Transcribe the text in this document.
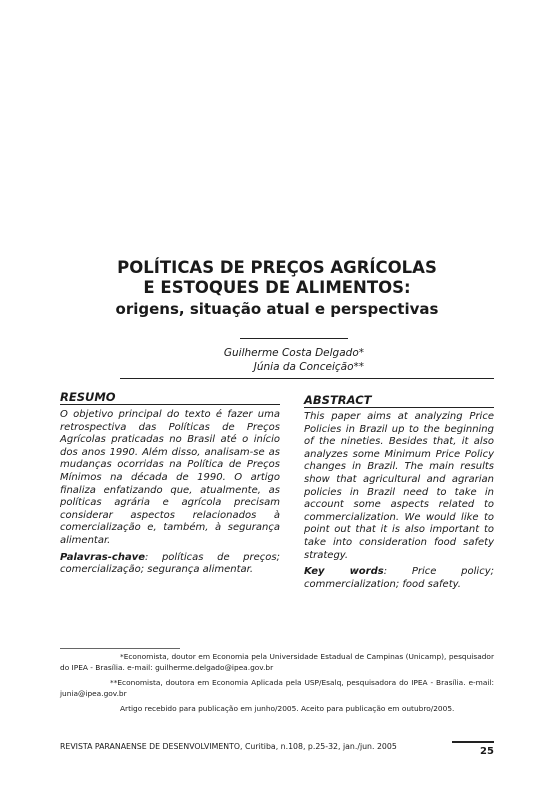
POLÍTICAS DE PREÇOS AGRÍCOLAS
E ESTOQUES DE ALIMENTOS:
origens, situação atual e perspectivas
Guilherme Costa Delgado*
Júnia da Conceição**
RESUMO

O objetivo principal do texto é fazer uma retrospectiva das Políticas de Preços Agrícolas praticadas no Brasil até o início dos anos 1990. Além disso, analisam-se as mudanças ocorridas na Política de Preços Mínimos na década de 1990. O artigo finaliza enfatizando que, atualmente, as políticas agrária e agrícola precisam considerar aspectos relacionados à comercialização e, também, à segurança alimentar.

Palavras-chave: políticas de preços; comercialização; segurança alimentar.

ABSTRACT

This paper aims at analyzing Price Policies in Brazil up to the beginning of the nineties. Besides that, it also analyzes some Minimum Price Policy changes in Brazil. The main results show that agricultural and agrarian policies in Brazil need to take in account some aspects related to commercialization. We would like to point out that it is also important to take into consideration food safety strategy.

Key words: Price policy; commercialization; food safety.

*Economista, doutor em Economia pela Universidade Estadual de Campinas (Unicamp), pesquisador do IPEA - Brasília. e-mail: guilherme.delgado@ipea.gov.br

**Economista, doutora em Economia Aplicada pela USP/Esalq, pesquisadora do IPEA - Brasília. e-mail: junia@ipea.gov.br

Artigo recebido para publicação em junho/2005. Aceito para publicação em outubro/2005.

REVISTA PARANAENSE DE DESENVOLVIMENTO, Curitiba, n.108, p.25-32, jan./jun. 2005	25
